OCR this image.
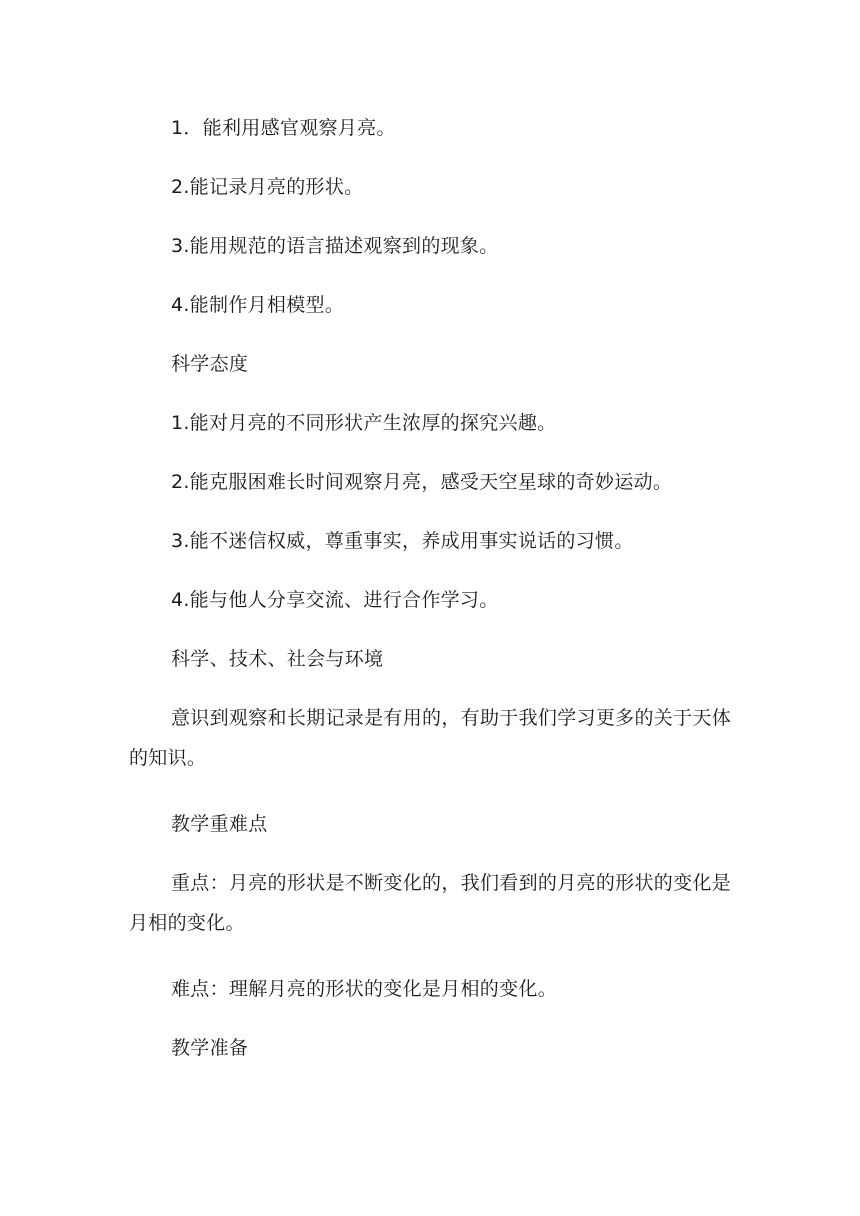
1．能利用感官观察月亮。

2.能记录月亮的形状。

3.能用规范的语言描述观察到的现象。

4.能制作月相模型。

科学态度

1.能对月亮的不同形状产生浓厚的探究兴趣。

2.能克服困难长时间观察月亮，感受天空星球的奇妙运动。

3.能不迷信权威，尊重事实，养成用事实说话的习惯。

4.能与他人分享交流、进行合作学习。

科学、技术、社会与环境

意识到观察和长期记录是有用的，有助于我们学习更多的关于天体的知识。

教学重难点

重点：月亮的形状是不断变化的，我们看到的月亮的形状的变化是月相的变化。

难点：理解月亮的形状的变化是月相的变化。

教学准备
